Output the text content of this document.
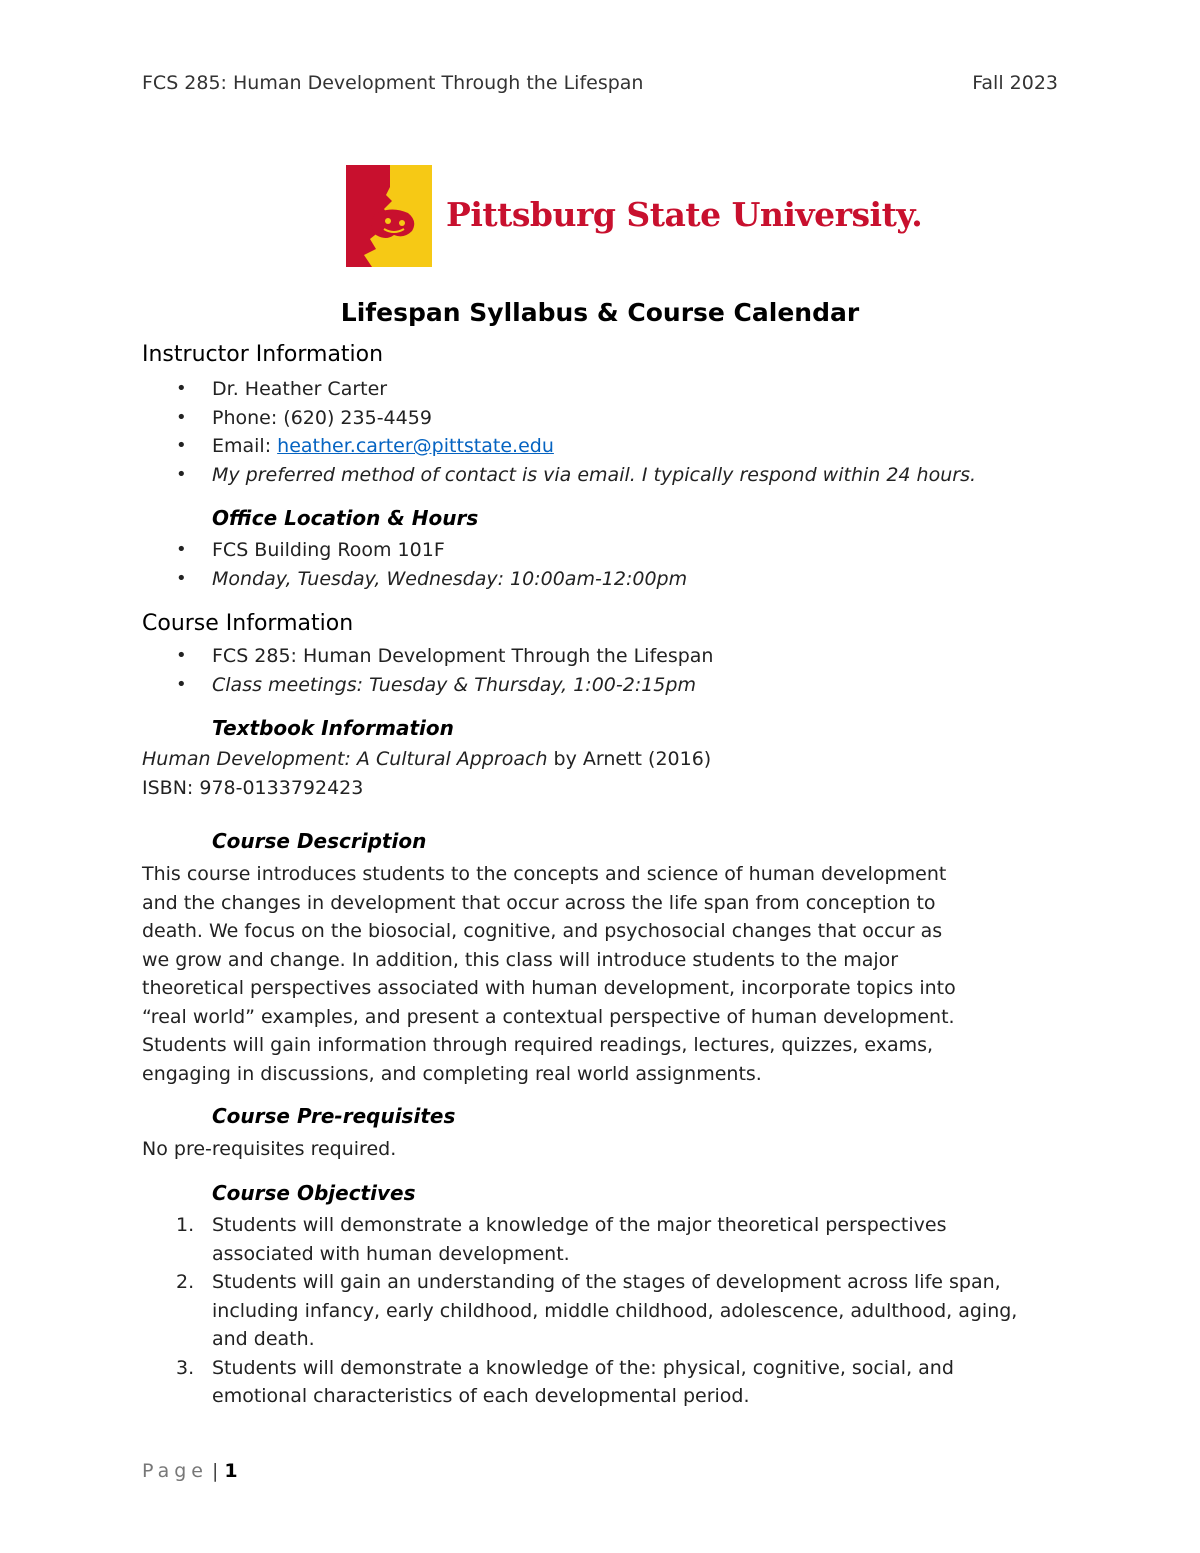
FCS 285: Human Development Through the Lifespan	Fall 2023
Pittsburg State University.
Lifespan Syllabus & Course Calendar
Instructor Information
• Dr. Heather Carter
• Phone: (620) 235-4459
• Email: heather.carter@pittstate.edu
• My preferred method of contact is via email. I typically respond within 24 hours.
Office Location & Hours
• FCS Building Room 101F
• Monday, Tuesday, Wednesday: 10:00am-12:00pm
Course Information
• FCS 285: Human Development Through the Lifespan
• Class meetings: Tuesday & Thursday, 1:00-2:15pm
Textbook Information
Human Development: A Cultural Approach by Arnett (2016)
ISBN: 978-0133792423
Course Description
This course introduces students to the concepts and science of human development
and the changes in development that occur across the life span from conception to
death. We focus on the biosocial, cognitive, and psychosocial changes that occur as
we grow and change. In addition, this class will introduce students to the major
theoretical perspectives associated with human development, incorporate topics into
“real world” examples, and present a contextual perspective of human development.
Students will gain information through required readings, lectures, quizzes, exams,
engaging in discussions, and completing real world assignments.
Course Pre-requisites
No pre-requisites required.
Course Objectives
1. Students will demonstrate a knowledge of the major theoretical perspectives associated with human development.
2. Students will gain an understanding of the stages of development across life span, including infancy, early childhood, middle childhood, adolescence, adulthood, aging, and death.
3. Students will demonstrate a knowledge of the: physical, cognitive, social, and emotional characteristics of each developmental period.
Page | 1
